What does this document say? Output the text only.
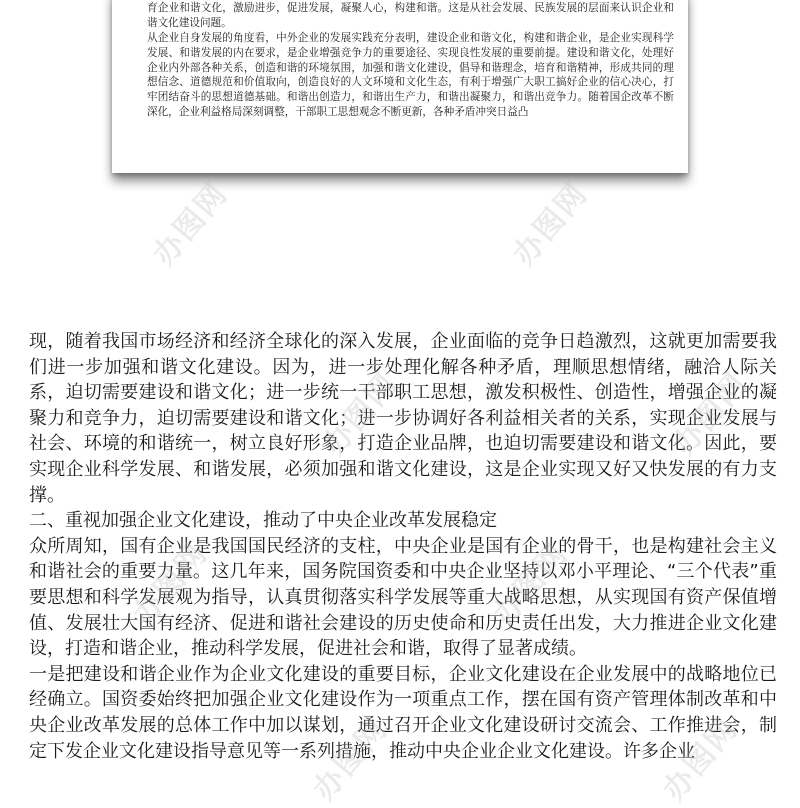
育企业和谐文化，激励进步，促进发展，凝聚人心，构建和谐。这是从社会发展、民族发展的层面来认识企业和谐文化建设问题。

从企业自身发展的角度看，中外企业的发展实践充分表明，建设企业和谐文化，构建和谐企业，是企业实现科学发展、和谐发展的内在要求，是企业增强竞争力的重要途径、实现良性发展的重要前提。建设和谐文化，处理好企业内外部各种关系，创造和谐的环境氛围，加强和谐文化建设，倡导和谐理念，培育和谐精神，形成共同的理想信念、道德规范和价值取向，创造良好的人文环境和文化生态，有利于增强广大职工搞好企业的信心决心，打牢团结奋斗的思想道德基础。和谐出创造力，和谐出生产力，和谐出凝聚力，和谐出竞争力。随着国企改革不断深化，企业利益格局深刻调整，干部职工思想观念不断更新，各种矛盾冲突日益凸

现，随着我国市场经济和经济全球化的深入发展，企业面临的竞争日趋激烈，这就更加需要我们进一步加强和谐文化建设。因为，进一步处理化解各种矛盾，理顺思想情绪，融洽人际关系，迫切需要建设和谐文化；进一步统一干部职工思想，激发积极性、创造性，增强企业的凝聚力和竞争力，迫切需要建设和谐文化；进一步协调好各利益相关者的关系，实现企业发展与社会、环境的和谐统一，树立良好形象，打造企业品牌，也迫切需要建设和谐文化。因此，要实现企业科学发展、和谐发展，必须加强和谐文化建设，这是企业实现又好又快发展的有力支撑。

二、重视加强企业文化建设，推动了中央企业改革发展稳定

众所周知，国有企业是我国国民经济的支柱，中央企业是国有企业的骨干，也是构建社会主义和谐社会的重要力量。这几年来，国务院国资委和中央企业坚持以邓小平理论、“三个代表”重要思想和科学发展观为指导，认真贯彻落实科学发展等重大战略思想，从实现国有资产保值增值、发展壮大国有经济、促进和谐社会建设的历史使命和历史责任出发，大力推进企业文化建设，打造和谐企业，推动科学发展，促进社会和谐，取得了显著成绩。

一是把建设和谐企业作为企业文化建设的重要目标，企业文化建设在企业发展中的战略地位已经确立。国资委始终把加强企业文化建设作为一项重点工作，摆在国有资产管理体制改革和中央企业改革发展的总体工作中加以谋划，通过召开企业文化建设研讨交流会、工作推进会，制定下发企业文化建设指导意见等一系列措施，推动中央企业企业文化建设。许多企业

办图网	办图网
办图网	办图网
办图网	办图网
办图网	办图网
